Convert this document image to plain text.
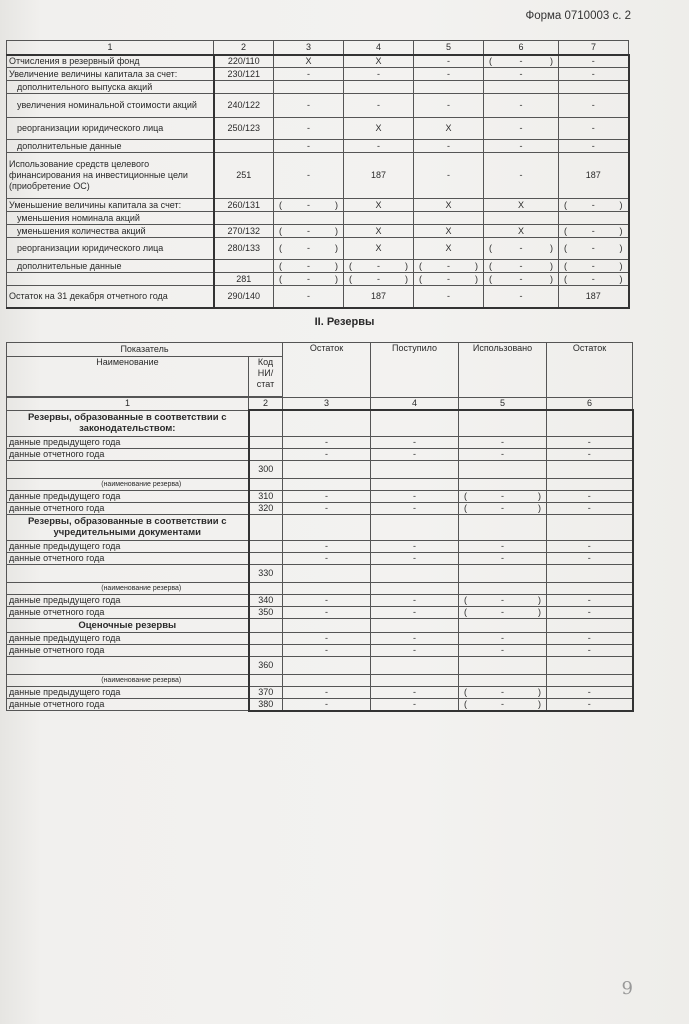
Форма 0710003 с. 2
1	2	3	4	5	6	7
Отчисления в резервный фонд	220/110	X	X	-	( - )	-
Увеличение величины капитала за счет:	230/121	-	-	-	-	-
дополнительного выпуска акций						
увеличения номинальной стоимости акций	240/122	-	-	-	-	-
реорганизации юридического лица	250/123	-	X	X	-	-
дополнительные данные		-	-	-	-	-
Использование средств целевого финансирования на инвестиционные цели (приобретение ОС)	251	-	187	-	-	187
Уменьшение величины капитала за счет:	260/131	( - )	X	X	X	( - )

уменьшения номинала акций						
уменьшения количества акций	270/132	( - )	X	X	X	( - )

реорганизации юридического лица	280/133	( - )	X	X	( - )	( - )

дополнительные данные		( - )	( - )	( - )	( - )	( - )

	281	( - )	( - )	( - )	( - )	( - )

Остаток на 31 декабря отчетного года	290/140	-	187	-	-	187
II. Резервы
Показатель		Остаток	Поступило	Использовано	Остаток
Наименование	Код НИ/ стат				

1	2	3	4	5	6
Резервы, образованные в соответствии с законодательством:					
данные предыдущего года		-	-	-	-
данные отчетного года		-	-	-	-
	300				
(наименование резерва)					
данные предыдущего года	310	-	-	( - )	-
данные отчетного года	320	-	-	( - )	-
Резервы, образованные в соответствии с учредительными документами					
данные предыдущего года		-	-	-	-
данные отчетного года		-	-	-	-
	330				
(наименование резерва)					
данные предыдущего года	340	-	-	( - )	-
данные отчетного года	350	-	-	( - )	-
Оценочные резервы					
данные предыдущего года		-	-	-	-
данные отчетного года		-	-	-	-
	360				
(наименование резерва)					
данные предыдущего года	370	-	-	( - )	-
данные отчетного года	380	-	-	( - )	-
9
